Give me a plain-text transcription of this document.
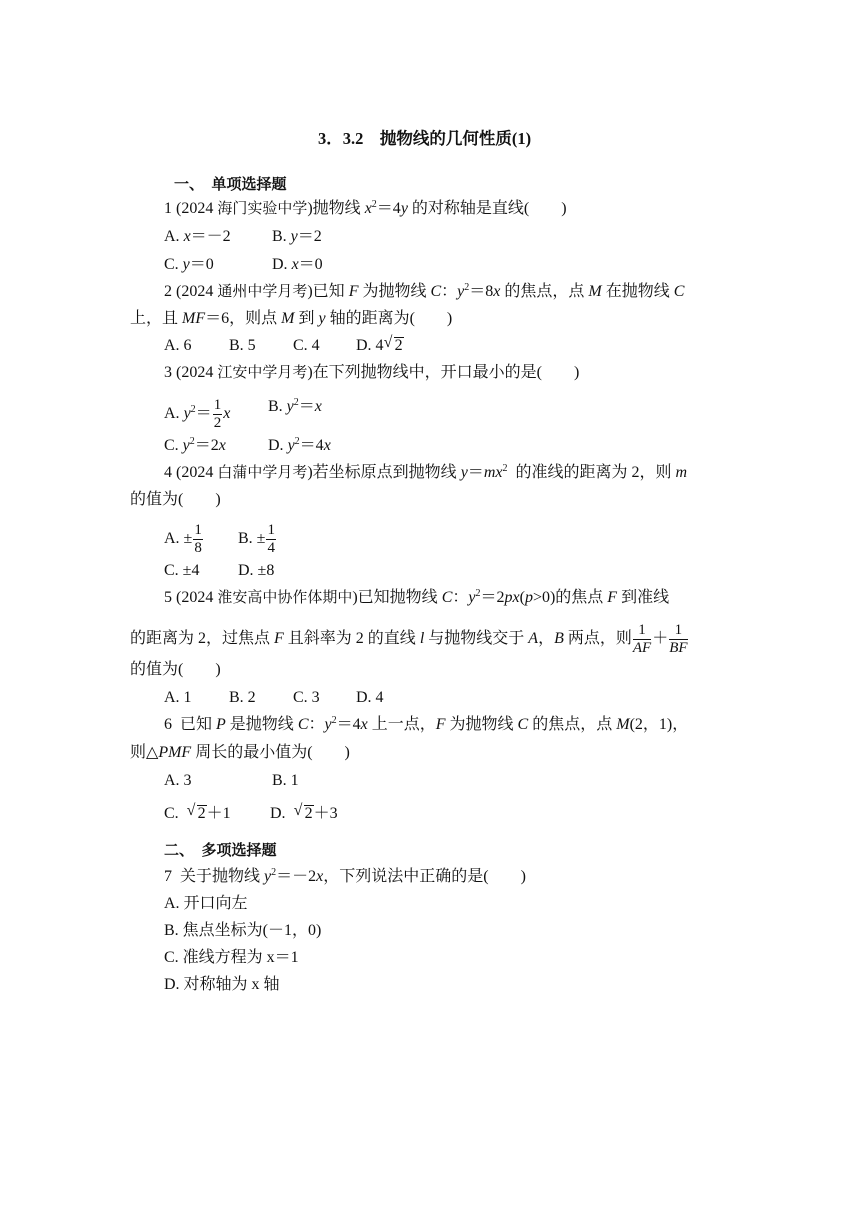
3．3.2　抛物线的几何性质(1)
一、　单项选择题
1 (2024 海门实验中学)抛物线 $x^2=4y$ 的对称轴是直线(　　)
A. x＝－2	B. y＝2
C. y＝0	D. x＝0
2 (2024 通州中学月考)已知 F 为抛物线 C：$y^2=8x$ 的焦点，点 M 在抛物线 C
上，且 MF＝6，则点 M 到 y 轴的距离为(　　)
A. 6 B. 5 C. 4 D. 4 √ 2
3 (2024 江安中学月考)在下列抛物线中，开口最小的是(　　)
A. $y^2= \frac{1}{2}$ x B. $y^2=x$
C. $y^2=2x$	D. $y^2=4x$
4 (2024 白蒲中学月考)若坐标原点到抛物线 $y=mx^2$  的准线的距离为 2，则 m
的值为(　　)
A. ± $\frac{1}{8} B$. ± $\frac{1}{4}$
C. ±4 D. ±8
5 (2024 淮安高中协作体期中)已知抛物线 C：$y^2=2px(p>0)$的焦点 F 到准线
的距离为 2，过焦点 F 且斜率为 2 的直线 l 与抛物线交于 A，B 两点，则 $\frac{1}{AF} + \frac{1}{BF}$
的值为(　　)
A. 1 B. 2 C. 3 D. 4
6  已知 P 是抛物线 C：$y^2=4x$ 上一点，F 为抛物线 C 的焦点，点 M(2，1)，
则△PMF 周长的最小值为(　　)
A. 3	B. 1
C. √ 2＋1 D. √ 2＋3
二、　多项选择题
7  关于抛物线 $y^2=-2x$，下列说法中正确的是(　　)
A. 开口向左
B. 焦点坐标为(－1，0)
C. 准线方程为 x＝1
D. 对称轴为 x 轴
